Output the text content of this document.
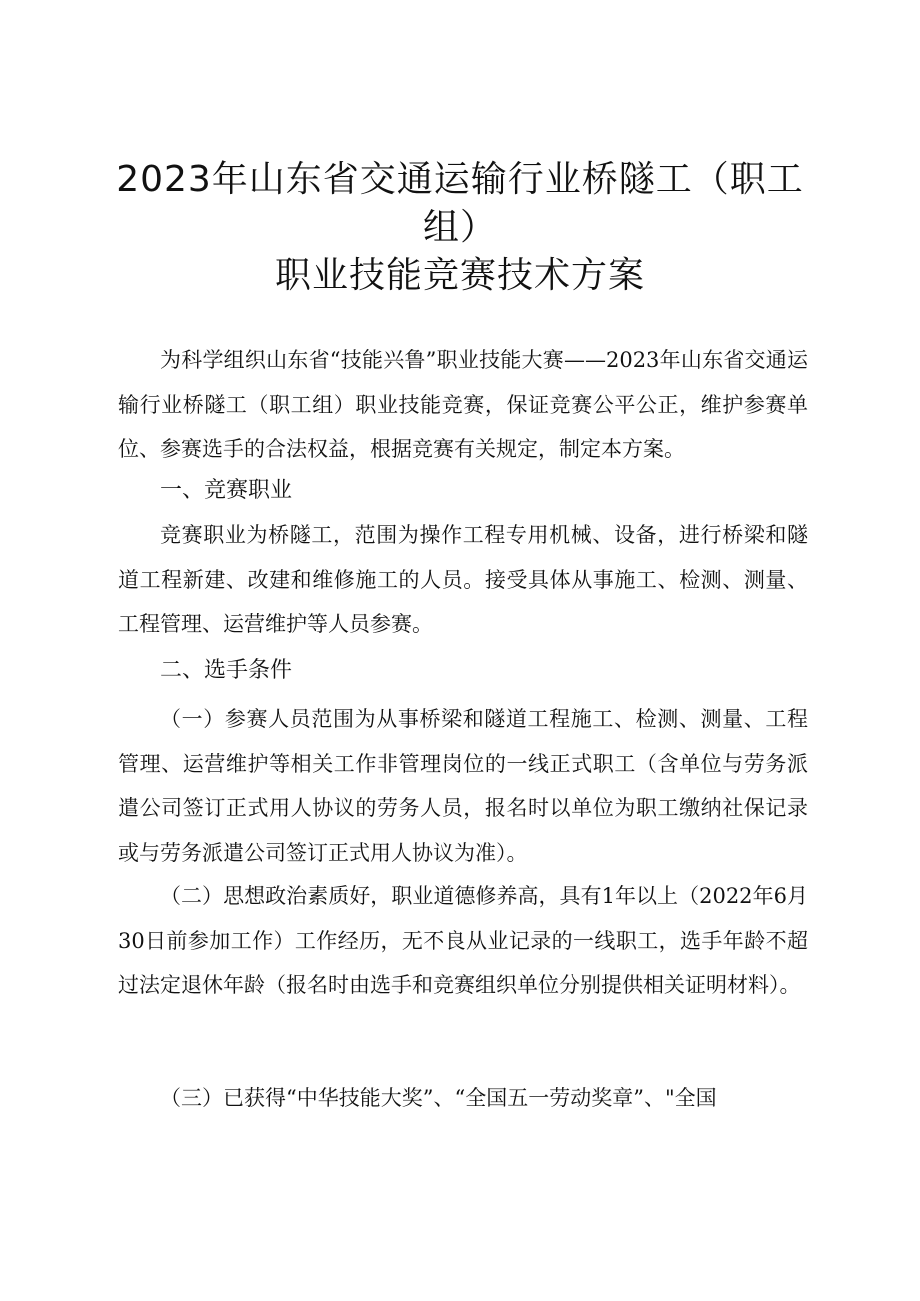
2023年山东省交通运输行业桥隧工（职工
组）
职业技能竞赛技术方案

为科学组织山东省“技能兴鲁”职业技能大赛——2023年山东省交通运输行业桥隧工（职工组）职业技能竞赛，保证竞赛公平公正，维护参赛单位、参赛选手的合法权益，根据竞赛有关规定，制定本方案。

一、竞赛职业

竞赛职业为桥隧工，范围为操作工程专用机械、设备，进行桥梁和隧道工程新建、改建和维修施工的人员。接受具体从事施工、检测、测量、工程管理、运营维护等人员参赛。

二、选手条件

（一）参赛人员范围为从事桥梁和隧道工程施工、检测、测量、工程管理、运营维护等相关工作非管理岗位的一线正式职工（含单位与劳务派遣公司签订正式用人协议的劳务人员，报名时以单位为职工缴纳社保记录或与劳务派遣公司签订正式用人协议为准）。

（二）思想政治素质好，职业道德修养高，具有1年以上（2022年6月30日前参加工作）工作经历，无不良从业记录的一线职工，选手年龄不超过法定退休年龄（报名时由选手和竞赛组织单位分别提供相关证明材料）。

（三）已获得“中华技能大奖”、“全国五一劳动奖章”、"全国
